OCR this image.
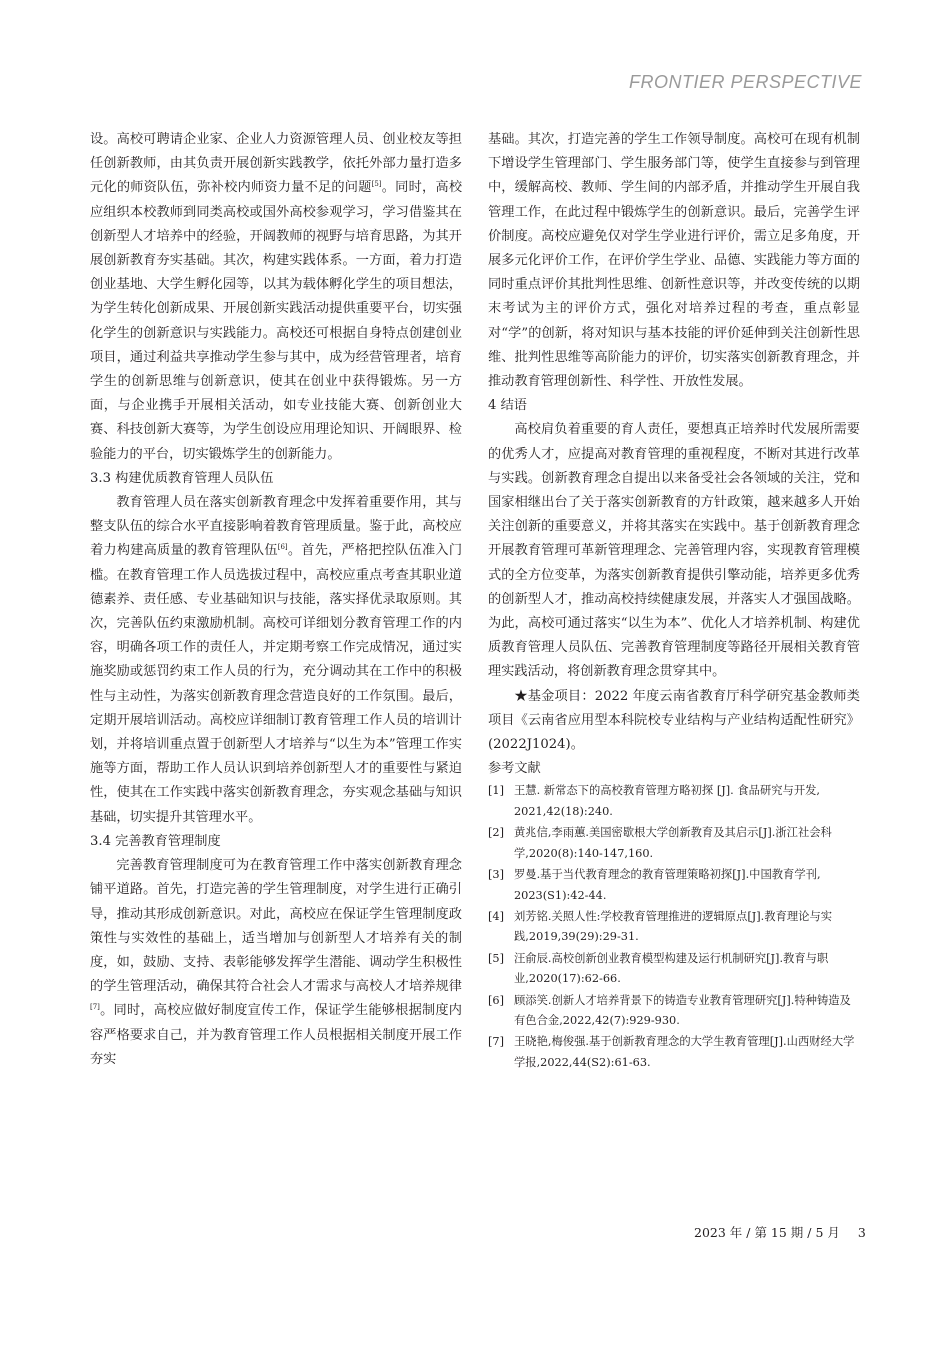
FRONTIER PERSPECTIVE

设。高校可聘请企业家、企业人力资源管理人员、创业校友等担任创新教师，由其负责开展创新实践教学，依托外部力量打造多元化的师资队伍，弥补校内师资力量不足的问题[5]。同时，高校应组织本校教师到同类高校或国外高校参观学习，学习借鉴其在创新型人才培养中的经验，开阔教师的视野与培育思路，为其开展创新教育夯实基础。其次，构建实践体系。一方面，着力打造创业基地、大学生孵化园等，以其为载体孵化学生的项目想法，为学生转化创新成果、开展创新实践活动提供重要平台，切实强化学生的创新意识与实践能力。高校还可根据自身特点创建创业项目，通过利益共享推动学生参与其中，成为经营管理者，培育学生的创新思维与创新意识，使其在创业中获得锻炼。另一方面，与企业携手开展相关活动，如专业技能大赛、创新创业大赛、科技创新大赛等，为学生创设应用理论知识、开阔眼界、检验能力的平台，切实锻炼学生的创新能力。

3.3 构建优质教育管理人员队伍

教育管理人员在落实创新教育理念中发挥着重要作用，其与整支队伍的综合水平直接影响着教育管理质量。鉴于此，高校应着力构建高质量的教育管理队伍[6]。首先，严格把控队伍准入门槛。在教育管理工作人员选拔过程中，高校应重点考查其职业道德素养、责任感、专业基础知识与技能，落实择优录取原则。其次，完善队伍约束激励机制。高校可详细划分教育管理工作的内容，明确各项工作的责任人，并定期考察工作完成情况，通过实施奖励或惩罚约束工作人员的行为，充分调动其在工作中的积极性与主动性，为落实创新教育理念营造良好的工作氛围。最后，定期开展培训活动。高校应详细制订教育管理工作人员的培训计划，并将培训重点置于创新型人才培养与“以生为本”管理工作实施等方面，帮助工作人员认识到培养创新型人才的重要性与紧迫性，使其在工作实践中落实创新教育理念，夯实观念基础与知识基础，切实提升其管理水平。

3.4 完善教育管理制度

完善教育管理制度可为在教育管理工作中落实创新教育理念铺平道路。首先，打造完善的学生管理制度，对学生进行正确引导，推动其形成创新意识。对此，高校应在保证学生管理制度政策性与实效性的基础上，适当增加与创新型人才培养有关的制度，如，鼓励、支持、表彰能够发挥学生潜能、调动学生积极性的学生管理活动，确保其符合社会人才需求与高校人才培养规律[7]。同时，高校应做好制度宣传工作，保证学生能够根据制度内容严格要求自己，并为教育管理工作人员根据相关制度开展工作夯实

基础。其次，打造完善的学生工作领导制度。高校可在现有机制下增设学生管理部门、学生服务部门等，使学生直接参与到管理中，缓解高校、教师、学生间的内部矛盾，并推动学生开展自我管理工作，在此过程中锻炼学生的创新意识。最后，完善学生评价制度。高校应避免仅对学生学业进行评价，需立足多角度，开展多元化评价工作，在评价学生学业、品德、实践能力等方面的同时重点评价其批判性思维、创新性意识等，并改变传统的以期末考试为主的评价方式，强化对培养过程的考查，重点彰显对“学”的创新，将对知识与基本技能的评价延伸到关注创新性思维、批判性思维等高阶能力的评价，切实落实创新教育理念，并推动教育管理创新性、科学性、开放性发展。

4 结语

高校肩负着重要的育人责任，要想真正培养时代发展所需要的优秀人才，应提高对教育管理的重视程度，不断对其进行改革与实践。创新教育理念自提出以来备受社会各领域的关注，党和国家相继出台了关于落实创新教育的方针政策，越来越多人开始关注创新的重要意义，并将其落实在实践中。基于创新教育理念开展教育管理可革新管理理念、完善管理内容，实现教育管理模式的全方位变革，为落实创新教育提供引擎动能，培养更多优秀的创新型人才，推动高校持续健康发展，并落实人才强国战略。为此，高校可通过落实“以生为本”、优化人才培养机制、构建优质教育管理人员队伍、完善教育管理制度等路径开展相关教育管理实践活动，将创新教育理念贯穿其中。

★基金项目：2022 年度云南省教育厅科学研究基金教师类项目《云南省应用型本科院校专业结构与产业结构适配性研究》(2022J1024)。

参考文献

[1] 王慧. 新常态下的高校教育管理方略初探 [J]. 食品研究与开发, 2021,42(18):240.
[2] 黄兆信,李雨蕙.美国密歇根大学创新教育及其启示[J].浙江社会科学,2020(8):140-147,160.
[3] 罗曼.基于当代教育理念的教育管理策略初探[J].中国教育学刊, 2023(S1):42-44.
[4] 刘芳铭.关照人性:学校教育管理推进的逻辑原点[J].教育理论与实践,2019,39(29):29-31.
[5] 汪俞辰.高校创新创业教育模型构建及运行机制研究[J].教育与职业,2020(17):62-66.
[6] 顾添笑.创新人才培养背景下的铸造专业教育管理研究[J].特种铸造及有色合金,2022,42(7):929-930.
[7] 王晓艳,梅俊强.基于创新教育理念的大学生教育管理[J].山西财经大学学报,2022,44(S2):61-63.
2023 年 / 第 15 期 / 5 月 3
